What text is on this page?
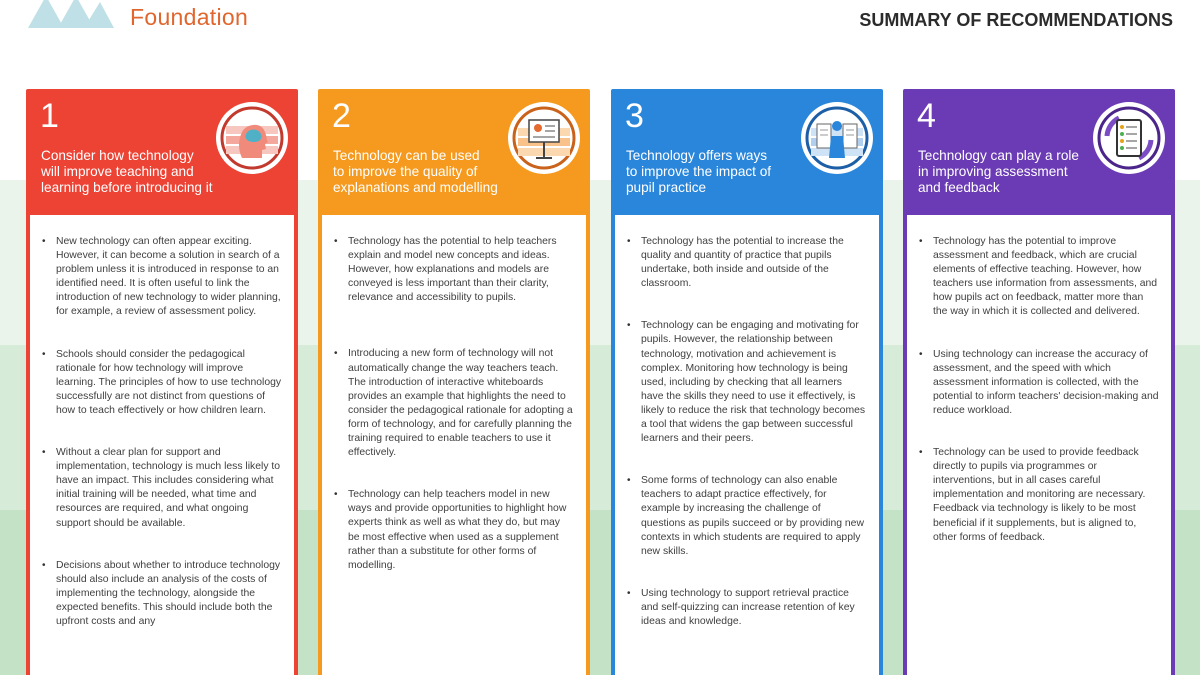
Foundation	SUMMARY OF RECOMMENDATIONS
1
Consider how technology
will improve teaching and
learning before introducing it
• New technology can often appear exciting. However, it can become a solution in search of a problem unless it is introduced in response to an identified need. It is often useful to link the introduction of new technology to wider planning, for example, a review of assessment policy.
• Schools should consider the pedagogical rationale for how technology will improve learning. The principles of how to use technology successfully are not distinct from questions of how to teach effectively or how children learn.
• Without a clear plan for support and implementation, technology is much less likely to have an impact. This includes considering what initial training will be needed, what time and resources are required, and what ongoing support should be available.
• Decisions about whether to introduce technology should also include an analysis of the costs of implementing the technology, alongside the expected benefits. This should include both the upfront costs and any
2
Technology can be used
to improve the quality of
explanations and modelling
• Technology has the potential to help teachers explain and model new concepts and ideas. However, how explanations and models are conveyed is less important than their clarity, relevance and accessibility to pupils.
• Introducing a new form of technology will not automatically change the way teachers teach. The introduction of interactive whiteboards provides an example that highlights the need to consider the pedagogical rationale for adopting a form of technology, and for carefully planning the training required to enable teachers to use it effectively.
• Technology can help teachers model in new ways and provide opportunities to highlight how experts think as well as what they do, but may be most effective when used as a supplement rather than a substitute for other forms of modelling.
3
Technology offers ways
to improve the impact of
pupil practice
• Technology has the potential to increase the quality and quantity of practice that pupils undertake, both inside and outside of the classroom.
• Technology can be engaging and motivating for pupils. However, the relationship between technology, motivation and achievement is complex. Monitoring how technology is being used, including by checking that all learners have the skills they need to use it effectively, is likely to reduce the risk that technology becomes a tool that widens the gap between successful learners and their peers.
• Some forms of technology can also enable teachers to adapt practice effectively, for example by increasing the challenge of questions as pupils succeed or by providing new contexts in which students are required to apply new skills.
• Using technology to support retrieval practice and self-quizzing can increase retention of key ideas and knowledge.
4
Technology can play a role
in improving assessment
and feedback
• Technology has the potential to improve assessment and feedback, which are crucial elements of effective teaching. However, how teachers use information from assessments, and how pupils act on feedback, matter more than the way in which it is collected and delivered.
• Using technology can increase the accuracy of assessment, and the speed with which assessment information is collected, with the potential to inform teachers' decision-making and reduce workload.
• Technology can be used to provide feedback directly to pupils via programmes or interventions, but in all cases careful implementation and monitoring are necessary. Feedback via technology is likely to be most beneficial if it supplements, but is aligned to, other forms of feedback.
